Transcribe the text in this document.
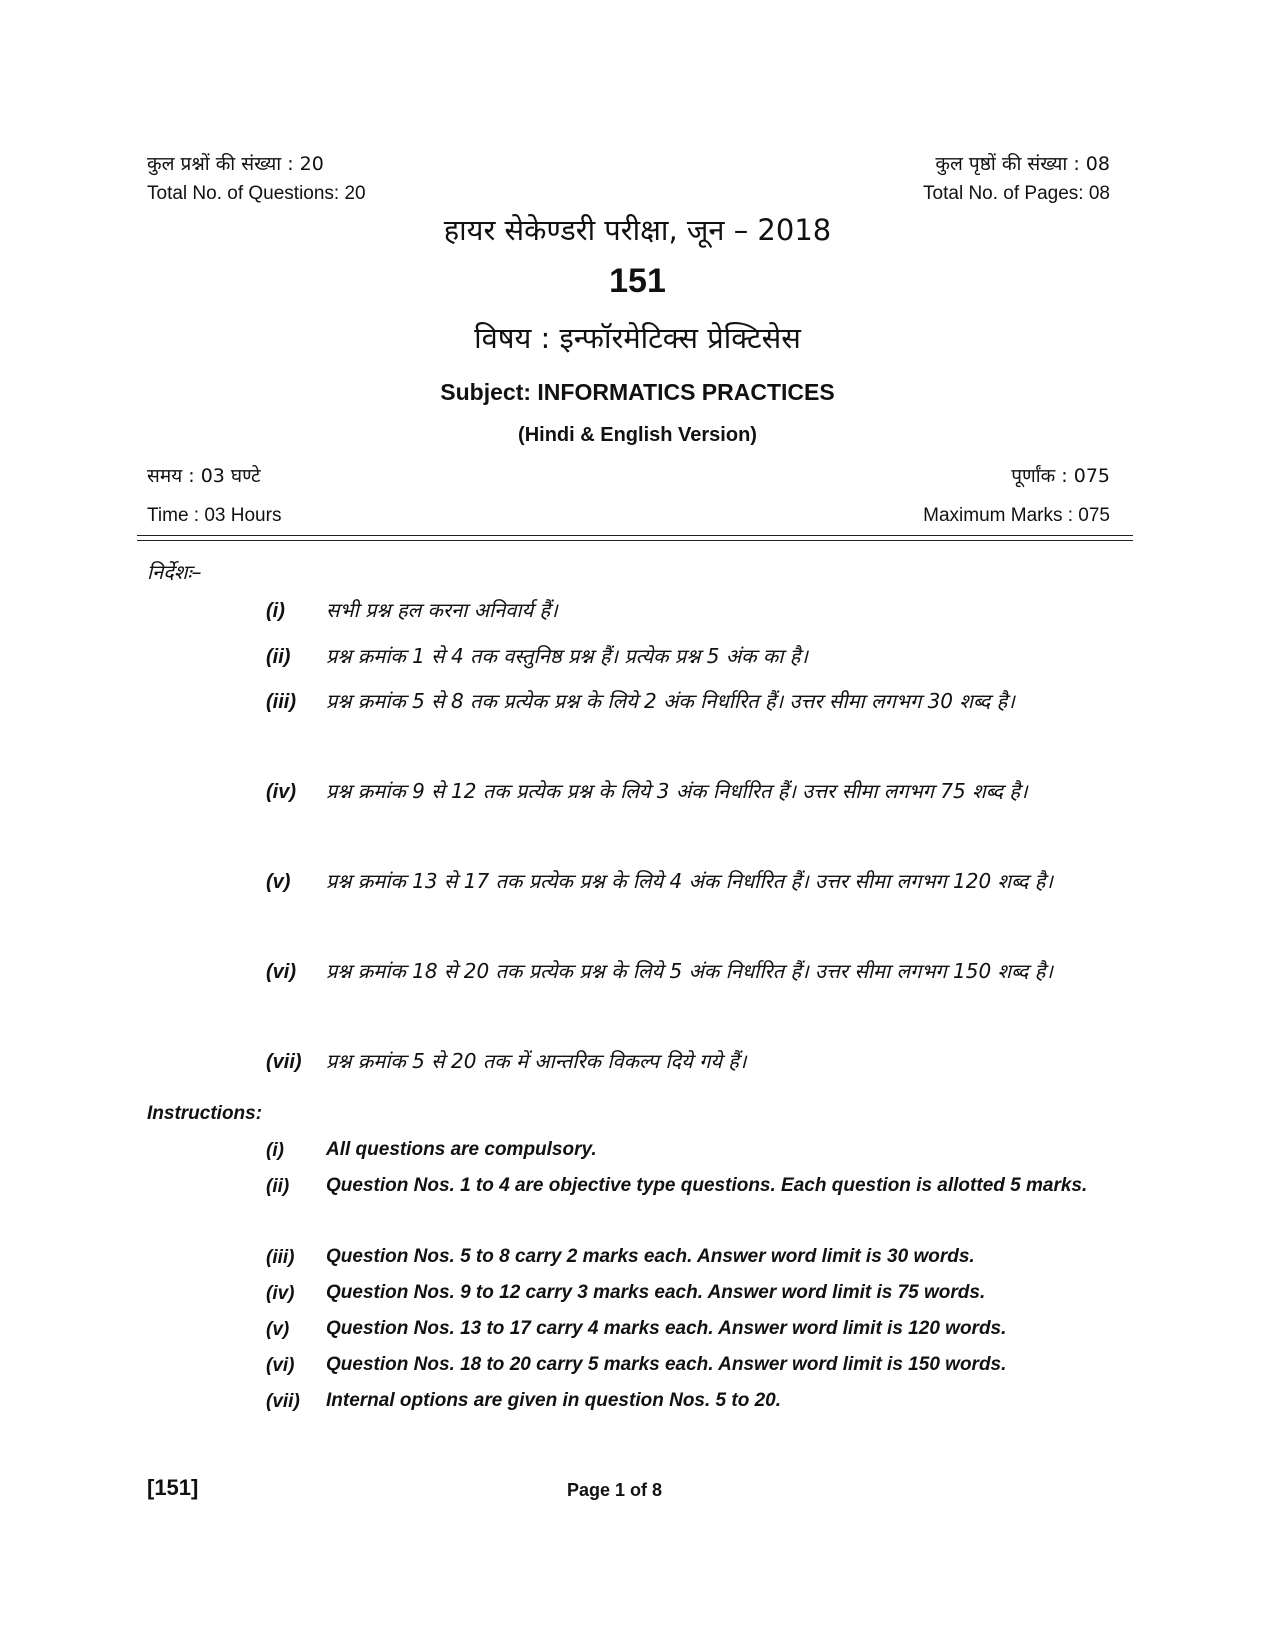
कुल प्रश्नों की संख्या : 20
Total No. of Questions: 20
कुल पृष्ठों की संख्या : 08
Total No. of Pages: 08
हायर सेकेण्डरी परीक्षा, जून – 2018
151
विषय : इन्फॉरमेटिक्स प्रेक्टिसेस
Subject: INFORMATICS PRACTICES
(Hindi & English Version)
समय : 03 घण्टे	पूर्णांक : 075
Time : 03 Hours	Maximum Marks : 075
निर्देशः–
(i) सभी प्रश्न हल करना अनिवार्य हैं।
(ii) प्रश्न क्रमांक 1 से 4 तक वस्तुनिष्ठ प्रश्न हैं। प्रत्येक प्रश्न 5 अंक का है।
(iii) प्रश्न क्रमांक 5 से 8 तक प्रत्येक प्रश्न के लिये 2 अंक निर्धारित हैं। उत्तर सीमा लगभग 30 शब्द है।
(iv) प्रश्न क्रमांक 9 से 12 तक प्रत्येक प्रश्न के लिये 3 अंक निर्धारित हैं। उत्तर सीमा लगभग 75 शब्द है।
(v) प्रश्न क्रमांक 13 से 17 तक प्रत्येक प्रश्न के लिये 4 अंक निर्धारित हैं। उत्तर सीमा लगभग 120 शब्द है।
(vi) प्रश्न क्रमांक 18 से 20 तक प्रत्येक प्रश्न के लिये 5 अंक निर्धारित हैं। उत्तर सीमा लगभग 150 शब्द है।
(vii) प्रश्न क्रमांक 5 से 20 तक में आन्तरिक विकल्प दिये गये हैं।
Instructions:
(i) All questions are compulsory.
(ii) Question Nos. 1 to 4 are objective type questions. Each question is allotted 5 marks.
(iii) Question Nos. 5 to 8 carry 2 marks each. Answer word limit is 30 words.
(iv) Question Nos. 9 to 12 carry 3 marks each. Answer word limit is 75 words.
(v) Question Nos. 13 to 17 carry 4 marks each. Answer word limit is 120 words.
(vi) Question Nos. 18 to 20 carry 5 marks each. Answer word limit is 150 words.
(vii) Internal options are given in question Nos. 5 to 20.
[151]	Page 1 of 8
